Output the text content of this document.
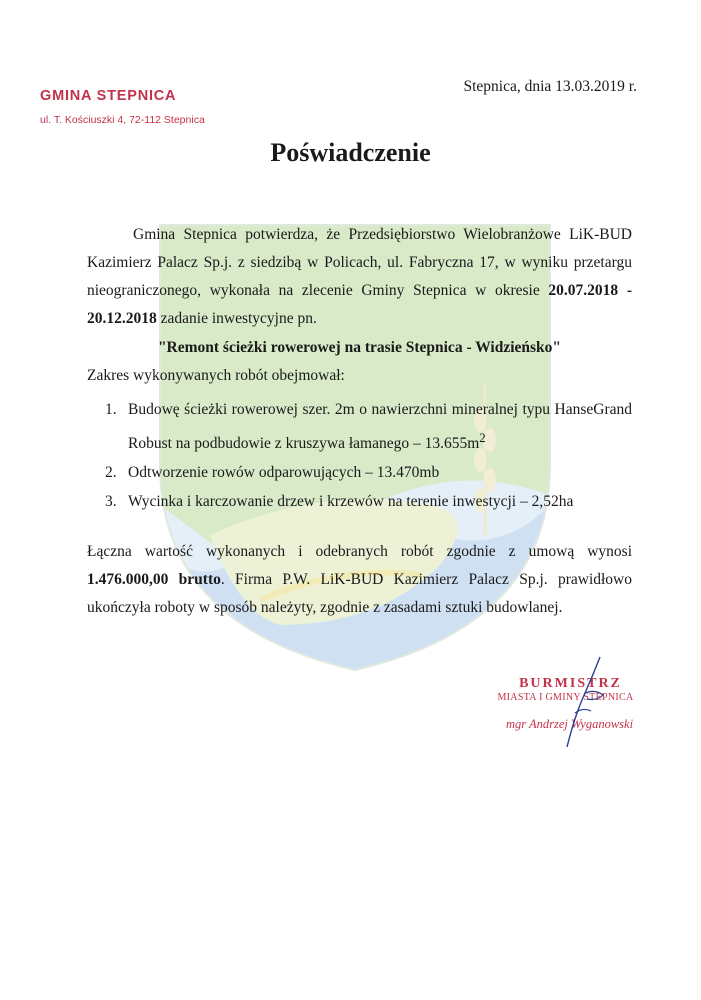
GMINA STEPNICA
ul. T. Kościuszki 4, 72-112 Stepnica
Stepnica, dnia 13.03.2019 r.
Poświadczenie
Gmina Stepnica potwierdza, że Przedsiębiorstwo Wielobranżowe LiK-BUD Kazimierz Palacz Sp.j. z siedzibą w Policach, ul. Fabryczna 17, w wyniku przetargu nieograniczonego, wykonała na zlecenie Gminy Stepnica w okresie 20.07.2018 - 20.12.2018 zadanie inwestycyjne pn.
"Remont ścieżki rowerowej na trasie Stepnica - Widzieńsko"
Zakres wykonywanych robót obejmował:
1. Budowę ścieżki rowerowej szer. 2m o nawierzchni mineralnej typu HanseGrand Robust na podbudowie z kruszywa łamanego – $13.655m^2$
2. Odtworzenie rowów odparowujących – 13.470mb
3. Wycinka i karczowanie drzew i krzewów na terenie inwestycji – 2,52ha
Łączna wartość wykonanych i odebranych robót zgodnie z umową wynosi 1.476.000,00 brutto. Firma P.W. LiK-BUD Kazimierz Palacz Sp.j. prawidłowo ukończyła roboty w sposób należyty, zgodnie z zasadami sztuki budowlanej.
BURMISTRZ
MIASTA I GMINY STEPNICA
mgr Andrzej Wyganowski
